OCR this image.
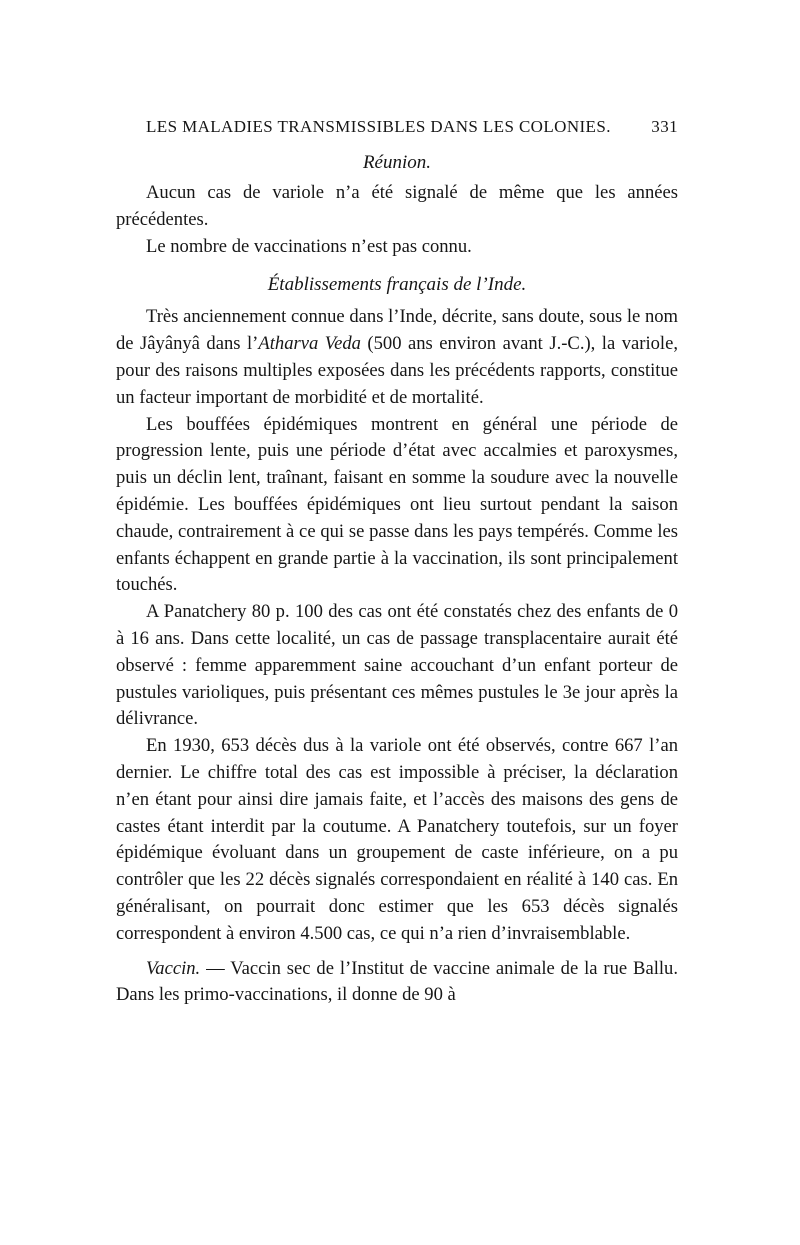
LES MALADIES TRANSMISSIBLES DANS LES COLONIES. 331
Réunion.

Aucun cas de variole n’a été signalé de même que les années précédentes.

Le nombre de vaccinations n’est pas connu.

Établissements français de l’Inde.

Très anciennement connue dans l’Inde, décrite, sans doute, sous le nom de Jâyânyâ dans l’Atharva Veda (500 ans environ avant J.-C.), la variole, pour des raisons multiples exposées dans les précédents rapports, constitue un facteur important de morbidité et de mortalité.

Les bouffées épidémiques montrent en général une période de progression lente, puis une période d’état avec accalmies et paroxysmes, puis un déclin lent, traînant, faisant en somme la soudure avec la nouvelle épidémie. Les bouffées épidémiques ont lieu surtout pendant la saison chaude, contrairement à ce qui se passe dans les pays tempérés. Comme les enfants échappent en grande partie à la vaccination, ils sont principalement touchés.

A Panatchery 80 p. 100 des cas ont été constatés chez des enfants de 0 à 16 ans. Dans cette localité, un cas de passage transplacentaire aurait été observé : femme apparemment saine accouchant d’un enfant porteur de pustules varioliques, puis présentant ces mêmes pustules le 3e jour après la délivrance.

En 1930, 653 décès dus à la variole ont été observés, contre 667 l’an dernier. Le chiffre total des cas est impossible à préciser, la déclaration n’en étant pour ainsi dire jamais faite, et l’accès des maisons des gens de castes étant interdit par la coutume. A Panatchery toutefois, sur un foyer épidémique évoluant dans un groupement de caste inférieure, on a pu contrôler que les 22 décès signalés correspondaient en réalité à 140 cas. En généralisant, on pourrait donc estimer que les 653 décès signalés correspondent à environ 4.500 cas, ce qui n’a rien d’invraisemblable.

Vaccin. — Vaccin sec de l’Institut de vaccine animale de la rue Ballu. Dans les primo-vaccinations, il donne de 90 à
